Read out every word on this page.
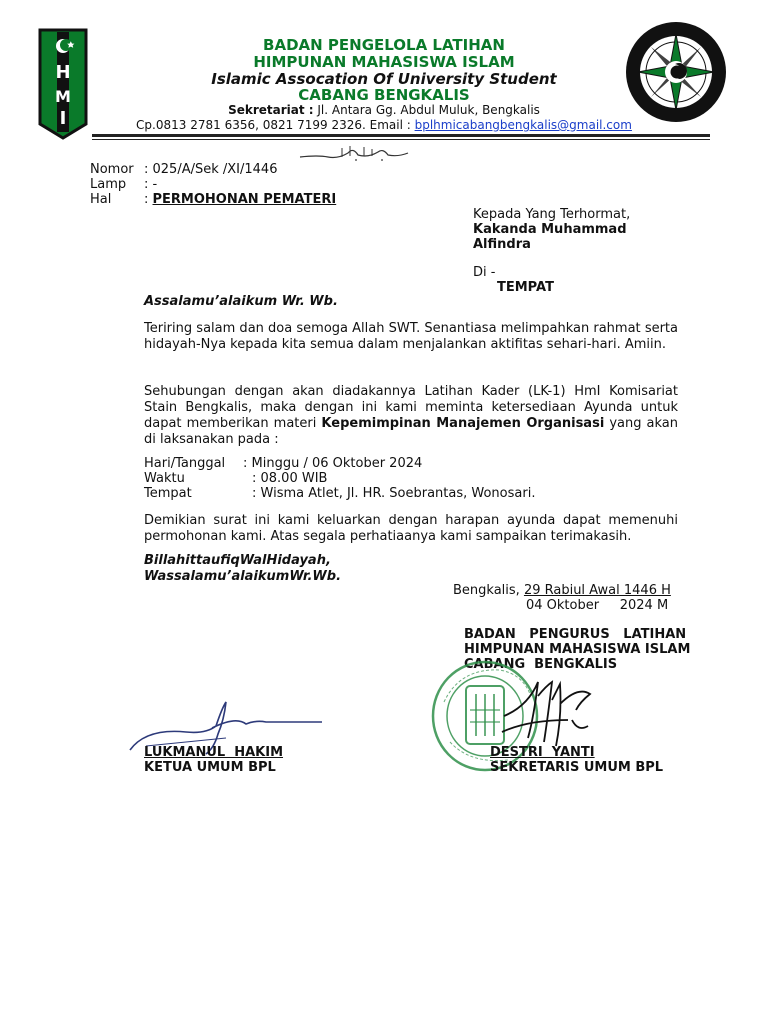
H
M
I
BADAN PENGELOLA LATIHAN
HIMPUNAN MAHASISWA ISLAM
Islamic Assocation Of University Student
CABANG BENGKALIS
Sekretariat : Jl. Antara Gg. Abdul Muluk, Bengkalis
Cp.0813 2781 6356, 0821 7199 2326. Email : bplhmicabangbengkalis@gmail.com
Nomor : 025/A/Sek /XI/1446
Lamp : -
Hal	: PERMOHONAN PEMATERI
Kepada Yang Terhormat,
Kakanda Muhammad
Alfindra
Di -
TEMPAT
Assalamu’alaikum Wr. Wb.
Teriring salam dan doa semoga Allah SWT. Senantiasa melimpahkan rahmat serta hidayah-Nya kepada kita semua dalam menjalankan aktifitas sehari-hari. Amiin.
Sehubungan dengan akan diadakannya Latihan Kader (LK-1) HmI Komisariat Stain Bengkalis, maka dengan ini kami meminta ketersediaan Ayunda untuk dapat memberikan materi Kepemimpinan Manajemen Organisasi yang akan di laksanakan pada :
Hari/Tanggal : Minggu / 06 Oktober 2024
Waktu	: 08.00 WIB
Tempat	: Wisma Atlet, Jl. HR. Soebrantas, Wonosari.
Demikian surat ini kami keluarkan dengan harapan ayunda dapat memenuhi permohonan kami. Atas segala perhatiaanya kami sampaikan terimakasih.
BillahittaufiqWalHidayah,
Wassalamu’alaikumWr.Wb.
Bengkalis, 29 Rabiul Awal 1446 H
04 Oktober     2024 M
BADAN   PENGURUS   LATIHAN
HIMPUNAN MAHASISWA ISLAM
CABANG  BENGKALIS
LUKMANUL  HAKIM
KETUA UMUM BPL
DESTRI  YANTI
SEKRETARIS UMUM BPL
